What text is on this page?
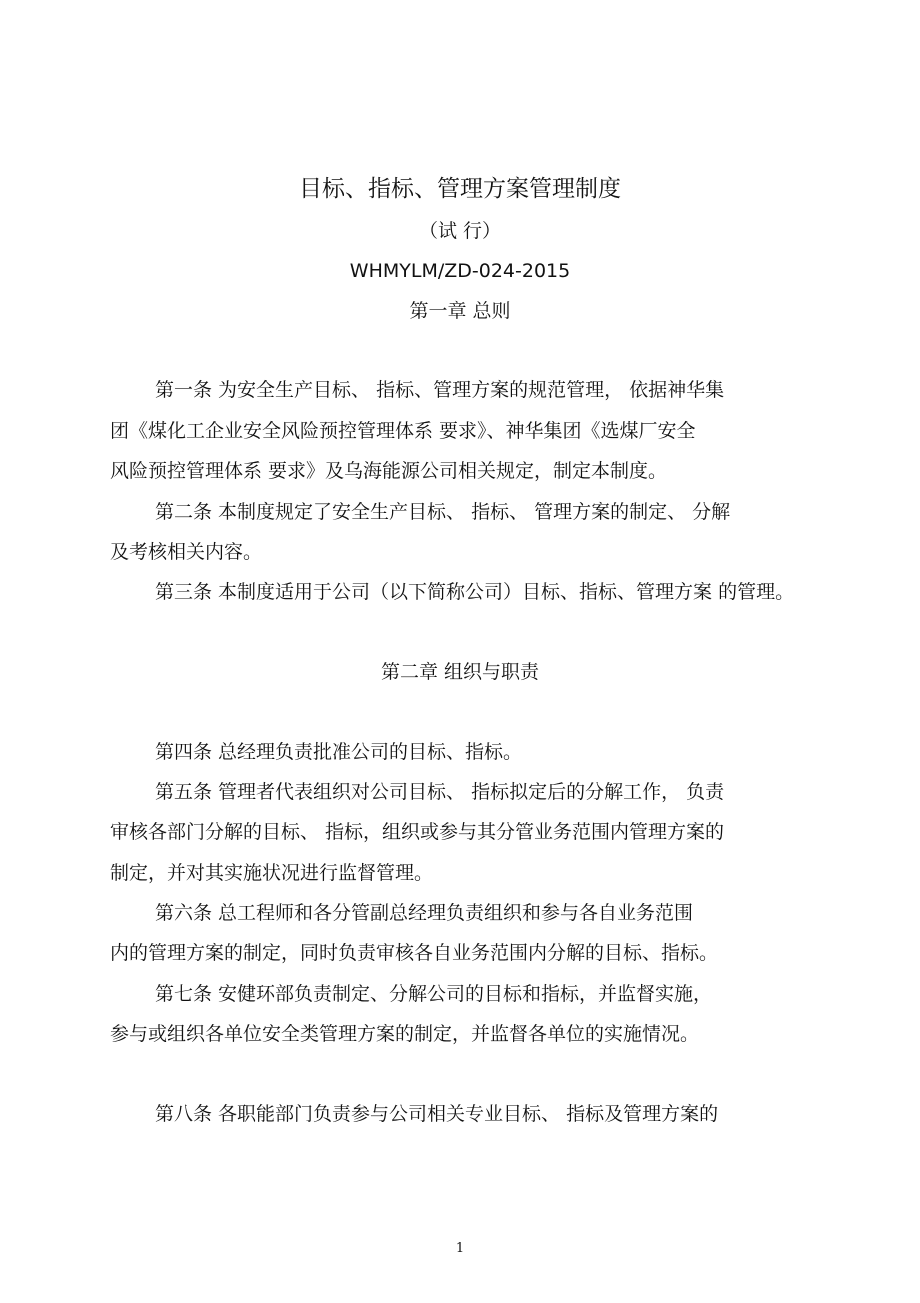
目标、指标、管理方案管理制度
（试 行）
WHMYLM/ZD-024-2015
第一章 总则
第一条 为安全生产目标、 指标、管理方案的规范管理， 依据神华集
团《煤化工企业安全风险预控管理体系 要求》、神华集团《选煤厂安全
风险预控管理体系 要求》及乌海能源公司相关规定，制定本制度。
第二条 本制度规定了安全生产目标、 指标、 管理方案的制定、 分解
及考核相关内容。
第三条 本制度适用于公司（以下简称公司）目标、指标、管理方案 的管理。
第二章 组织与职责
第四条 总经理负责批准公司的目标、指标。
第五条 管理者代表组织对公司目标、 指标拟定后的分解工作， 负责
审核各部门分解的目标、 指标，组织或参与其分管业务范围内管理方案的
制定，并对其实施状况进行监督管理。
第六条 总工程师和各分管副总经理负责组织和参与各自业务范围
内的管理方案的制定，同时负责审核各自业务范围内分解的目标、指标。
第七条 安健环部负责制定、分解公司的目标和指标，并监督实施，
参与或组织各单位安全类管理方案的制定，并监督各单位的实施情况。
第八条 各职能部门负责参与公司相关专业目标、 指标及管理方案的
1
